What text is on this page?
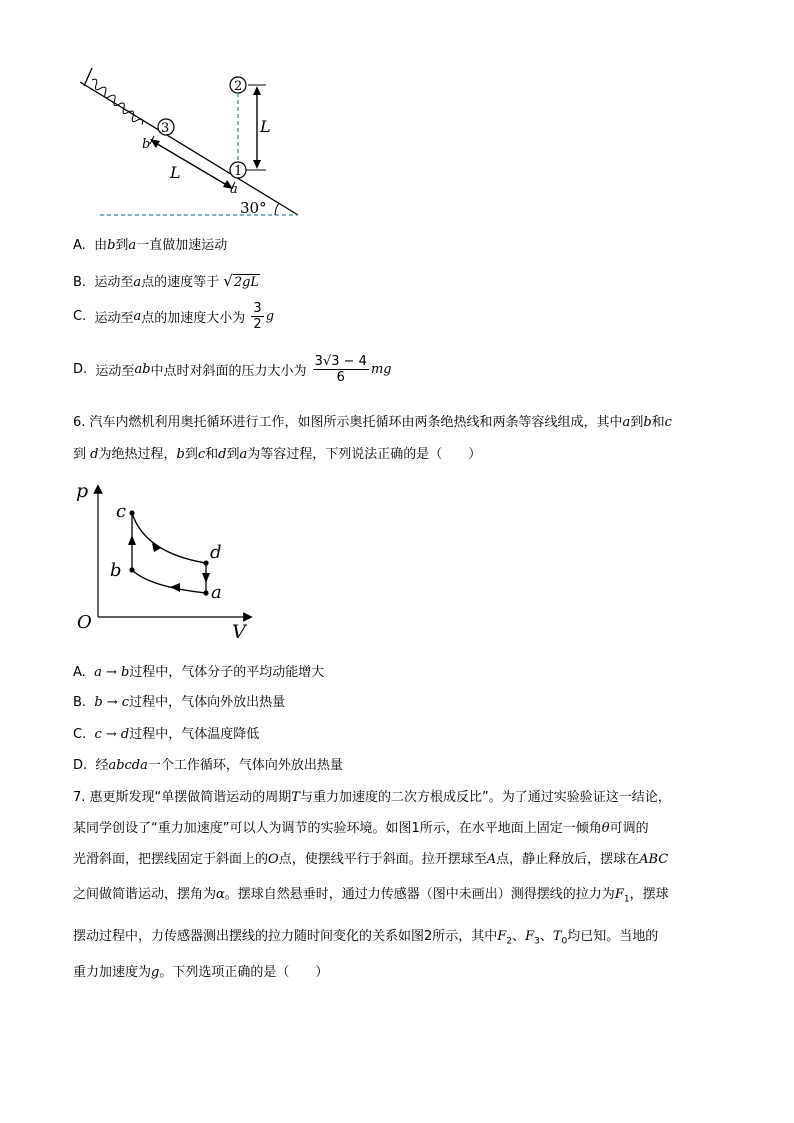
3
1
2
L
L
b
a
30°
A. 由b到a一直做加速运动
B. 运动至a点的速度等于 √2gL
C. 运动至a点的加速度大小为 $\frac{3}{2}$ g
D. 运动至ab中点时对斜面的压力大小为 $\frac{3√3 - 4}{6}$ mg
6. 汽车内燃机利用奥托循环进行工作，如图所示奥托循环由两条绝热线和两条等容线组成，其中a到b和c
到 d为绝热过程，b到c和d到a为等容过程，下列说法正确的是（　　）
p
V
O
c
b
d
a
A. a → b过程中，气体分子的平均动能增大
B. b → c过程中，气体向外放出热量
C. c → d过程中，气体温度降低
D. 经abcda一个工作循环，气体向外放出热量
7. 惠更斯发现“单摆做简谐运动的周期T与重力加速度的二次方根成反比”。为了通过实验验证这一结论，
某同学创设了“重力加速度”可以人为调节的实验环境。如图1所示，在水平地面上固定一倾角θ可调的
光滑斜面，把摆线固定于斜面上的O点，使摆线平行于斜面。拉开摆球至A点，静止释放后，摆球在ABC
之间做简谐运动，摆角为α。摆球自然悬垂时，通过力传感器（图中未画出）测得摆线的拉力为$F_1$，摆球
摆动过程中，力传感器测出摆线的拉力随时间变化的关系如图2所示，其中$F_2$、$F_3$、$T_0$均已知。当地的
重力加速度为g。下列选项正确的是（　　）
